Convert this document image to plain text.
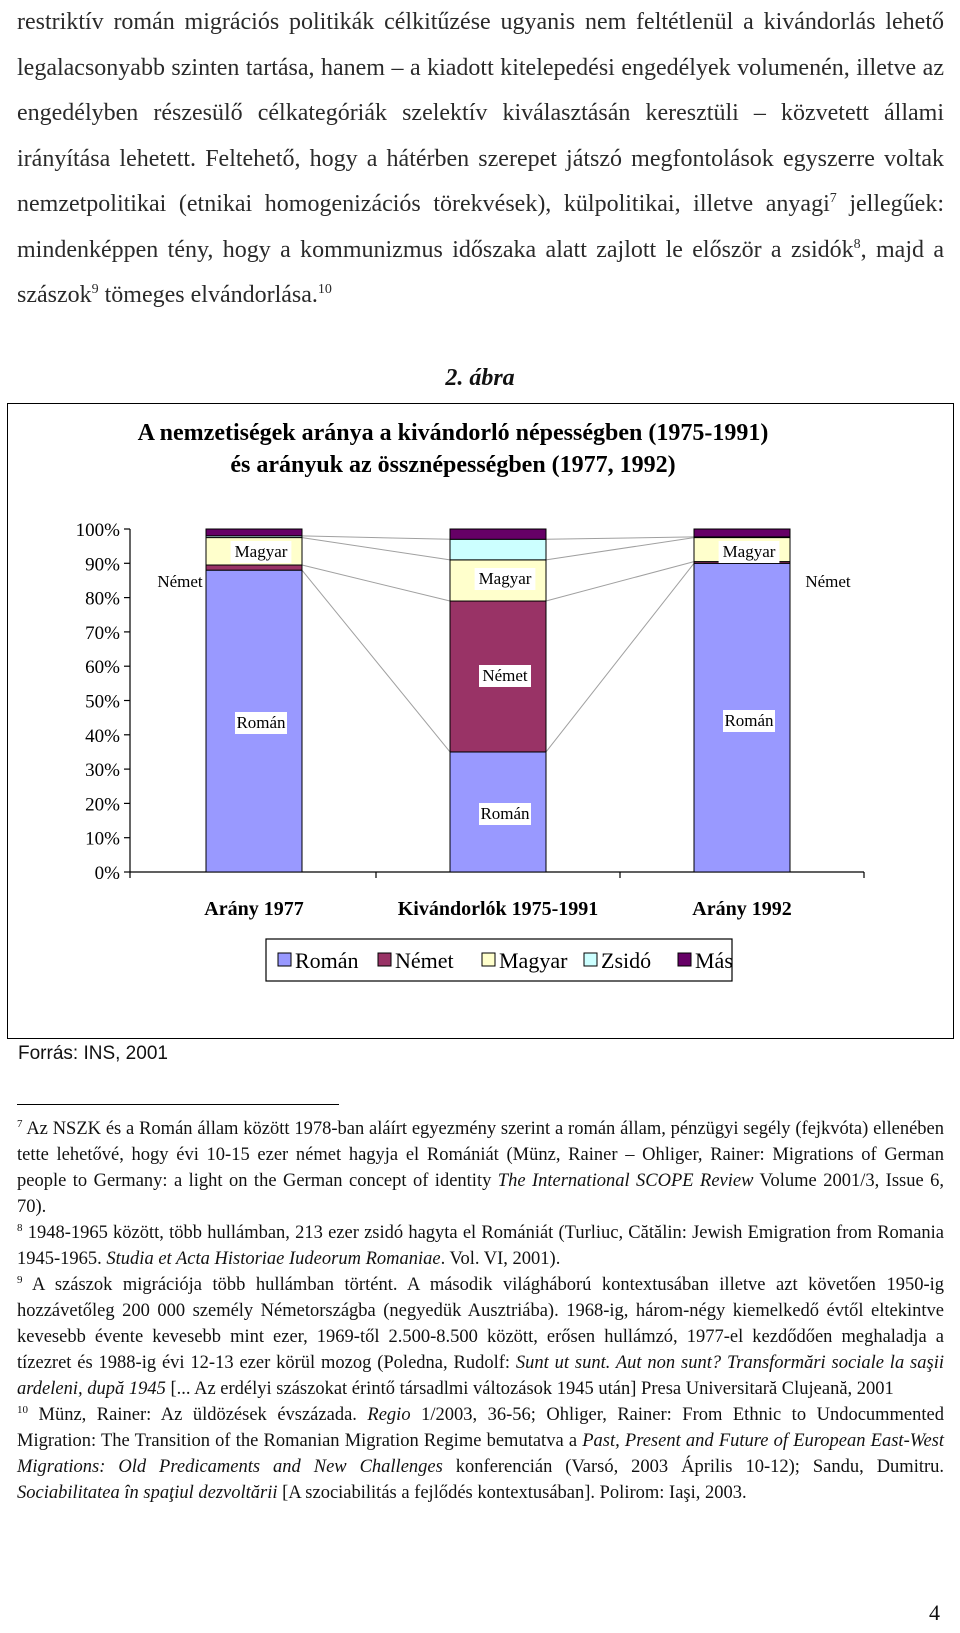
restriktív román migrációs politikák célkitűzése ugyanis nem feltétlenül a kivándorlás lehető legalacsonyabb szinten tartása, hanem – a kiadott kitelepedési engedélyek volumenén, illetve az engedélyben részesülő célkategóriák szelektív kiválasztásán keresztüli – közvetett állami irányítása lehetett. Feltehető, hogy a hátérben szerepet játszó megfontolások egyszerre voltak nemzetpolitikai (etnikai homogenizációs törekvések), külpolitikai, illetve anyagi$^7$ jellegűek: mindenképpen tény, hogy a kommunizmus időszaka alatt zajlott le először a zsidók$^8$, majd a szászok$^9$ tömeges elvándorlása.$^{10}$

2. ábra
A nemzetiségek aránya a kivándorló népességben (1975-1991)
és arányuk az össznépességben (1977, 1992)
0%
10%
20%
30%
40%
50%
60%
70%
80%
90%
100%
Arány 1977	Kivándorlók 1975-1991	Arány 1992
Magyar
Román
Német	Magyar
Német
Román
Magyar
Román
Német
Román Német Magyar Zsidó Más
Forrás: INS, 2001

$^7$ Az NSZK és a Román állam között 1978-ban aláírt egyezmény szerint a román állam, pénzügyi segély (fejkvóta) ellenében tette lehetővé, hogy évi 10-15 ezer német hagyja el Romániát (Münz, Rainer – Ohliger, Rainer: Migrations of German people to Germany: a light on the German concept of identity The International SCOPE Review Volume 2001/3, Issue 6, 70).

$^8$ 1948-1965 között, több hullámban, 213 ezer zsidó hagyta el Romániát (Turliuc, Cătălin: Jewish Emigration from Romania 1945-1965. Studia et Acta Historiae Iudeorum Romaniae. Vol. VI, 2001).

$^9$ A szászok migrációja több hullámban történt. A második világháború kontextusában illetve azt követően 1950-ig hozzávetőleg 200 000 személy Németországba (negyedük Ausztriába). 1968-ig, három-négy kiemelkedő évtől eltekintve kevesebb évente kevesebb mint ezer, 1969-től 2.500-8.500 között, erősen hullámzó, 1977-el kezdődően meghaladja a tízezret és 1988-ig évi 12-13 ezer körül mozog (Poledna, Rudolf: Sunt ut sunt. Aut non sunt? Transformări sociale la saşii ardeleni, după 1945 [... Az erdélyi szászokat érintő társadlmi változások 1945 után] Presa Universitară Clujeană, 2001

$^{10}$ Münz, Rainer: Az üldözések évszázada. Regio 1/2003, 36-56; Ohliger, Rainer: From Ethnic to Undocummented Migration: The Transition of the Romanian Migration Regime bemutatva a Past, Present and Future of European East-West Migrations: Old Predicaments and New Challenges konferencián (Varsó, 2003 Április 10-12); Sandu, Dumitru. Sociabilitatea în spaţiul dezvoltării [A szociabilitás a fejlődés kontextusában]. Polirom: Iaşi, 2003.

4
